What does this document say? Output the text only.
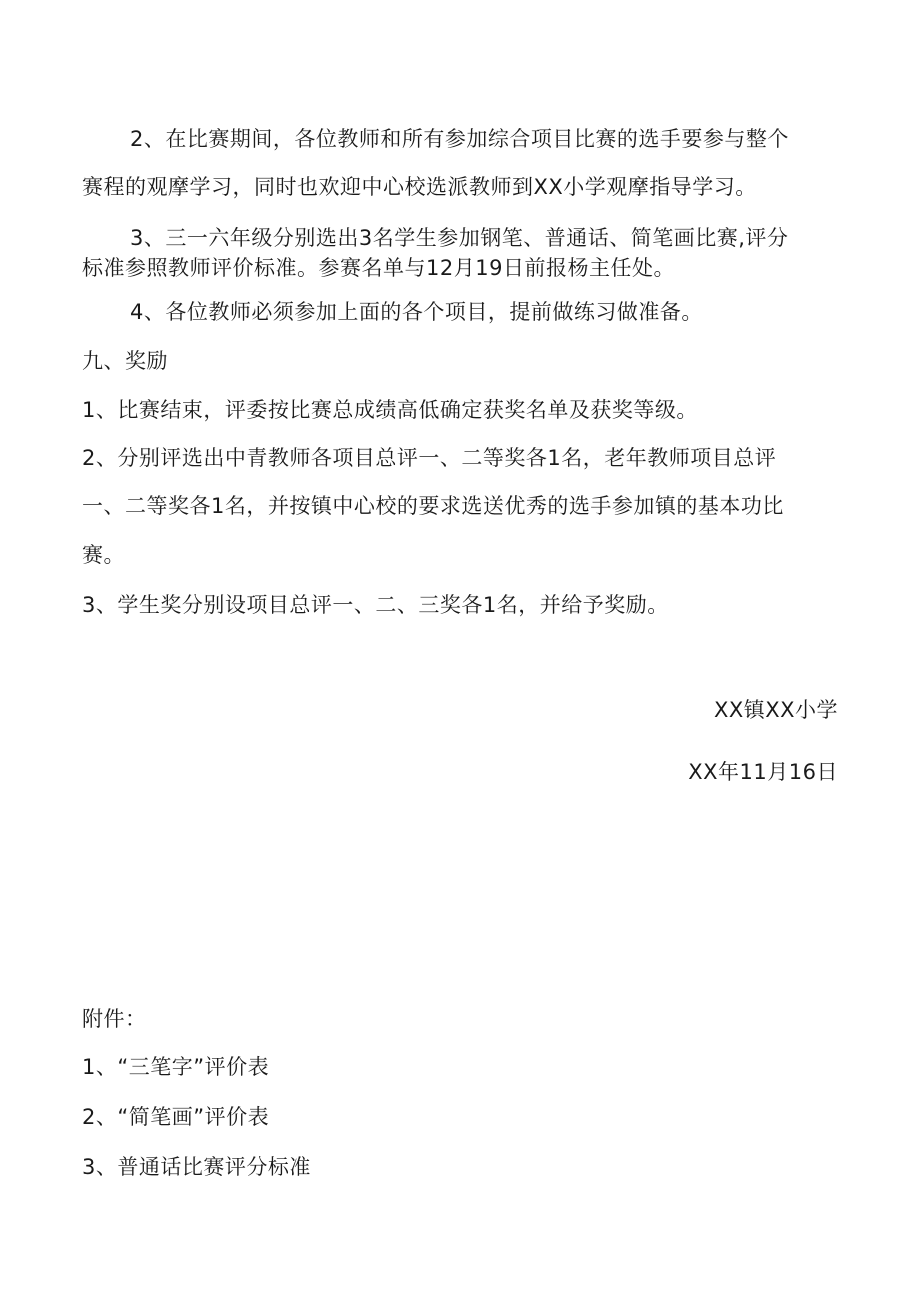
2、在比赛期间，各位教师和所有参加综合项目比赛的选手要参与整个
赛程的观摩学习，同时也欢迎中心校选派教师到XX小学观摩指导学习。
3、三一六年级分别选出3名学生参加钢笔、普通话、简笔画比赛,评分
标准参照教师评价标准。参赛名单与12月19日前报杨主任处。
4、各位教师必须参加上面的各个项目，提前做练习做准备。
九、奖励
1、比赛结束，评委按比赛总成绩高低确定获奖名单及获奖等级。
2、分别评选出中青教师各项目总评一、二等奖各1名，老年教师项目总评
一、二等奖各1名，并按镇中心校的要求选送优秀的选手参加镇的基本功比
赛。
3、学生奖分别设项目总评一、二、三奖各1名，并给予奖励。
XX镇XX小学
XX年11月16日
附件：
1、“三笔字”评价表
2、“简笔画”评价表
3、普通话比赛评分标准
